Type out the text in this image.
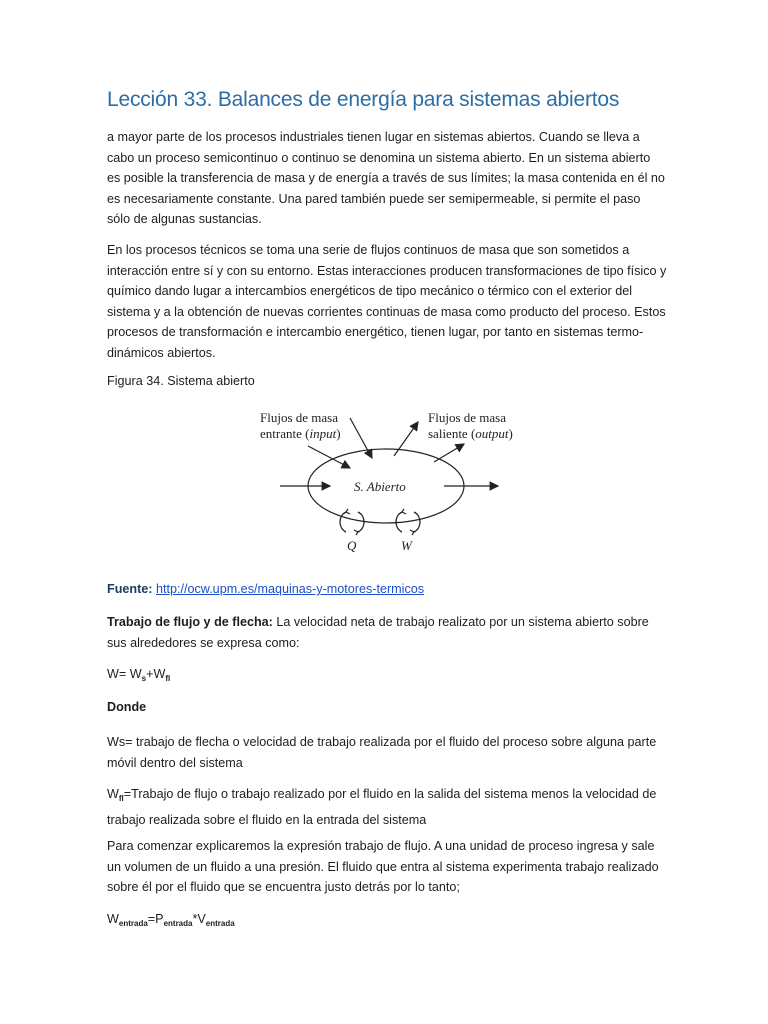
Lección 33. Balances de energía para sistemas abiertos

a mayor parte de los procesos industriales tienen lugar en sistemas abiertos. Cuando se lleva a cabo un proceso semicontinuo o continuo se denomina un sistema abierto. En un sistema abierto es posible la transferencia de masa y de energía a través de sus límites; la masa contenida en él no es necesariamente constante. Una pared también puede ser semipermeable, si permite el paso sólo de algunas sustancias.

En los procesos técnicos se toma una serie de flujos continuos de masa que son sometidos a interacción entre sí y con su entorno. Estas interacciones producen transformaciones de tipo físico y químico dando lugar a intercambios energéticos de tipo mecánico o térmico con el exterior del sistema y a la obtención de nuevas corrientes continuas de masa como producto del proceso. Estos procesos de transformación e intercambio energético, tienen lugar, por tanto en sistemas termo-dinámicos abiertos.

Figura 34. Sistema abierto
Flujos de masa
entrante (input)
Flujos de masa
saliente (output)
S. Abierto
Q	W
Fuente: http://ocw.upm.es/maquinas-y-motores-termicos

Trabajo de flujo y de flecha: La velocidad neta de trabajo realizato por un sistema abierto sobre sus alrededores se expresa como:

$W= W_s+W_{fl}$
Donde

Ws= trabajo de flecha o velocidad de trabajo realizada por el fluido del proceso sobre alguna parte móvil dentro del sistema

$W_{fl}=Trabajo$ de flujo o trabajo realizado por el fluido en la salida del sistema menos la velocidad de trabajo realizada sobre el fluido en la entrada del sistema

Para comenzar explicaremos la expresión trabajo de flujo. A una unidad de proceso ingresa y sale un volumen de un fluido a una presión. El fluido que entra al sistema experimenta trabajo realizado sobre él por el fluido que se encuentra justo detrás por lo tanto;

$W_{entrada}=P_{entrada}*V_{entrada}$
